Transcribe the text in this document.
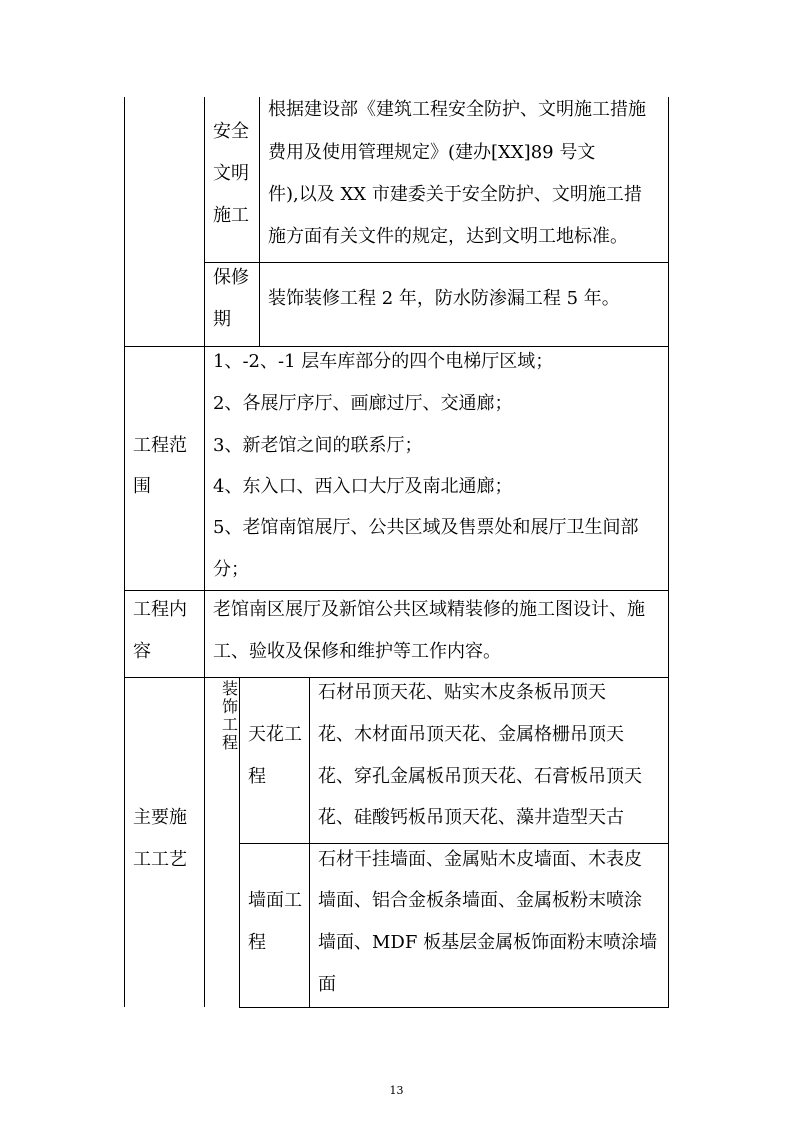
安全
文明
施工
根据建设部《建筑工程安全防护、文明施工措施
费用及使用管理规定》(建办[XX]89 号文
件),以及 XX 市建委关于安全防护、文明施工措
施方面有关文件的规定，达到文明工地标准。
保修
期
装饰装修工程 2 年，防水防渗漏工程 5 年。
工程范
围
1、-2、-1 层车库部分的四个电梯厅区域；
2、各展厅序厅、画廊过厅、交通廊；
3、新老馆之间的联系厅；
4、东入口、西入口大厅及南北通廊；
5、老馆南馆展厅、公共区域及售票处和展厅卫生间部
分；
工程内
容
老馆南区展厅及新馆公共区域精装修的施工图设计、施
工、验收及保修和维护等工作内容。
主要施
工工艺
装
饰
工
程 天花工
程
石材吊顶天花、贴实木皮条板吊顶天
花、木材面吊顶天花、金属格栅吊顶天
花、穿孔金属板吊顶天花、石膏板吊顶天
花、硅酸钙板吊顶天花、藻井造型天古
墙面工
程
石材干挂墙面、金属贴木皮墙面、木表皮
墙面、铝合金板条墙面、金属板粉末喷涂
墙面、MDF 板基层金属板饰面粉末喷涂墙
面
13
